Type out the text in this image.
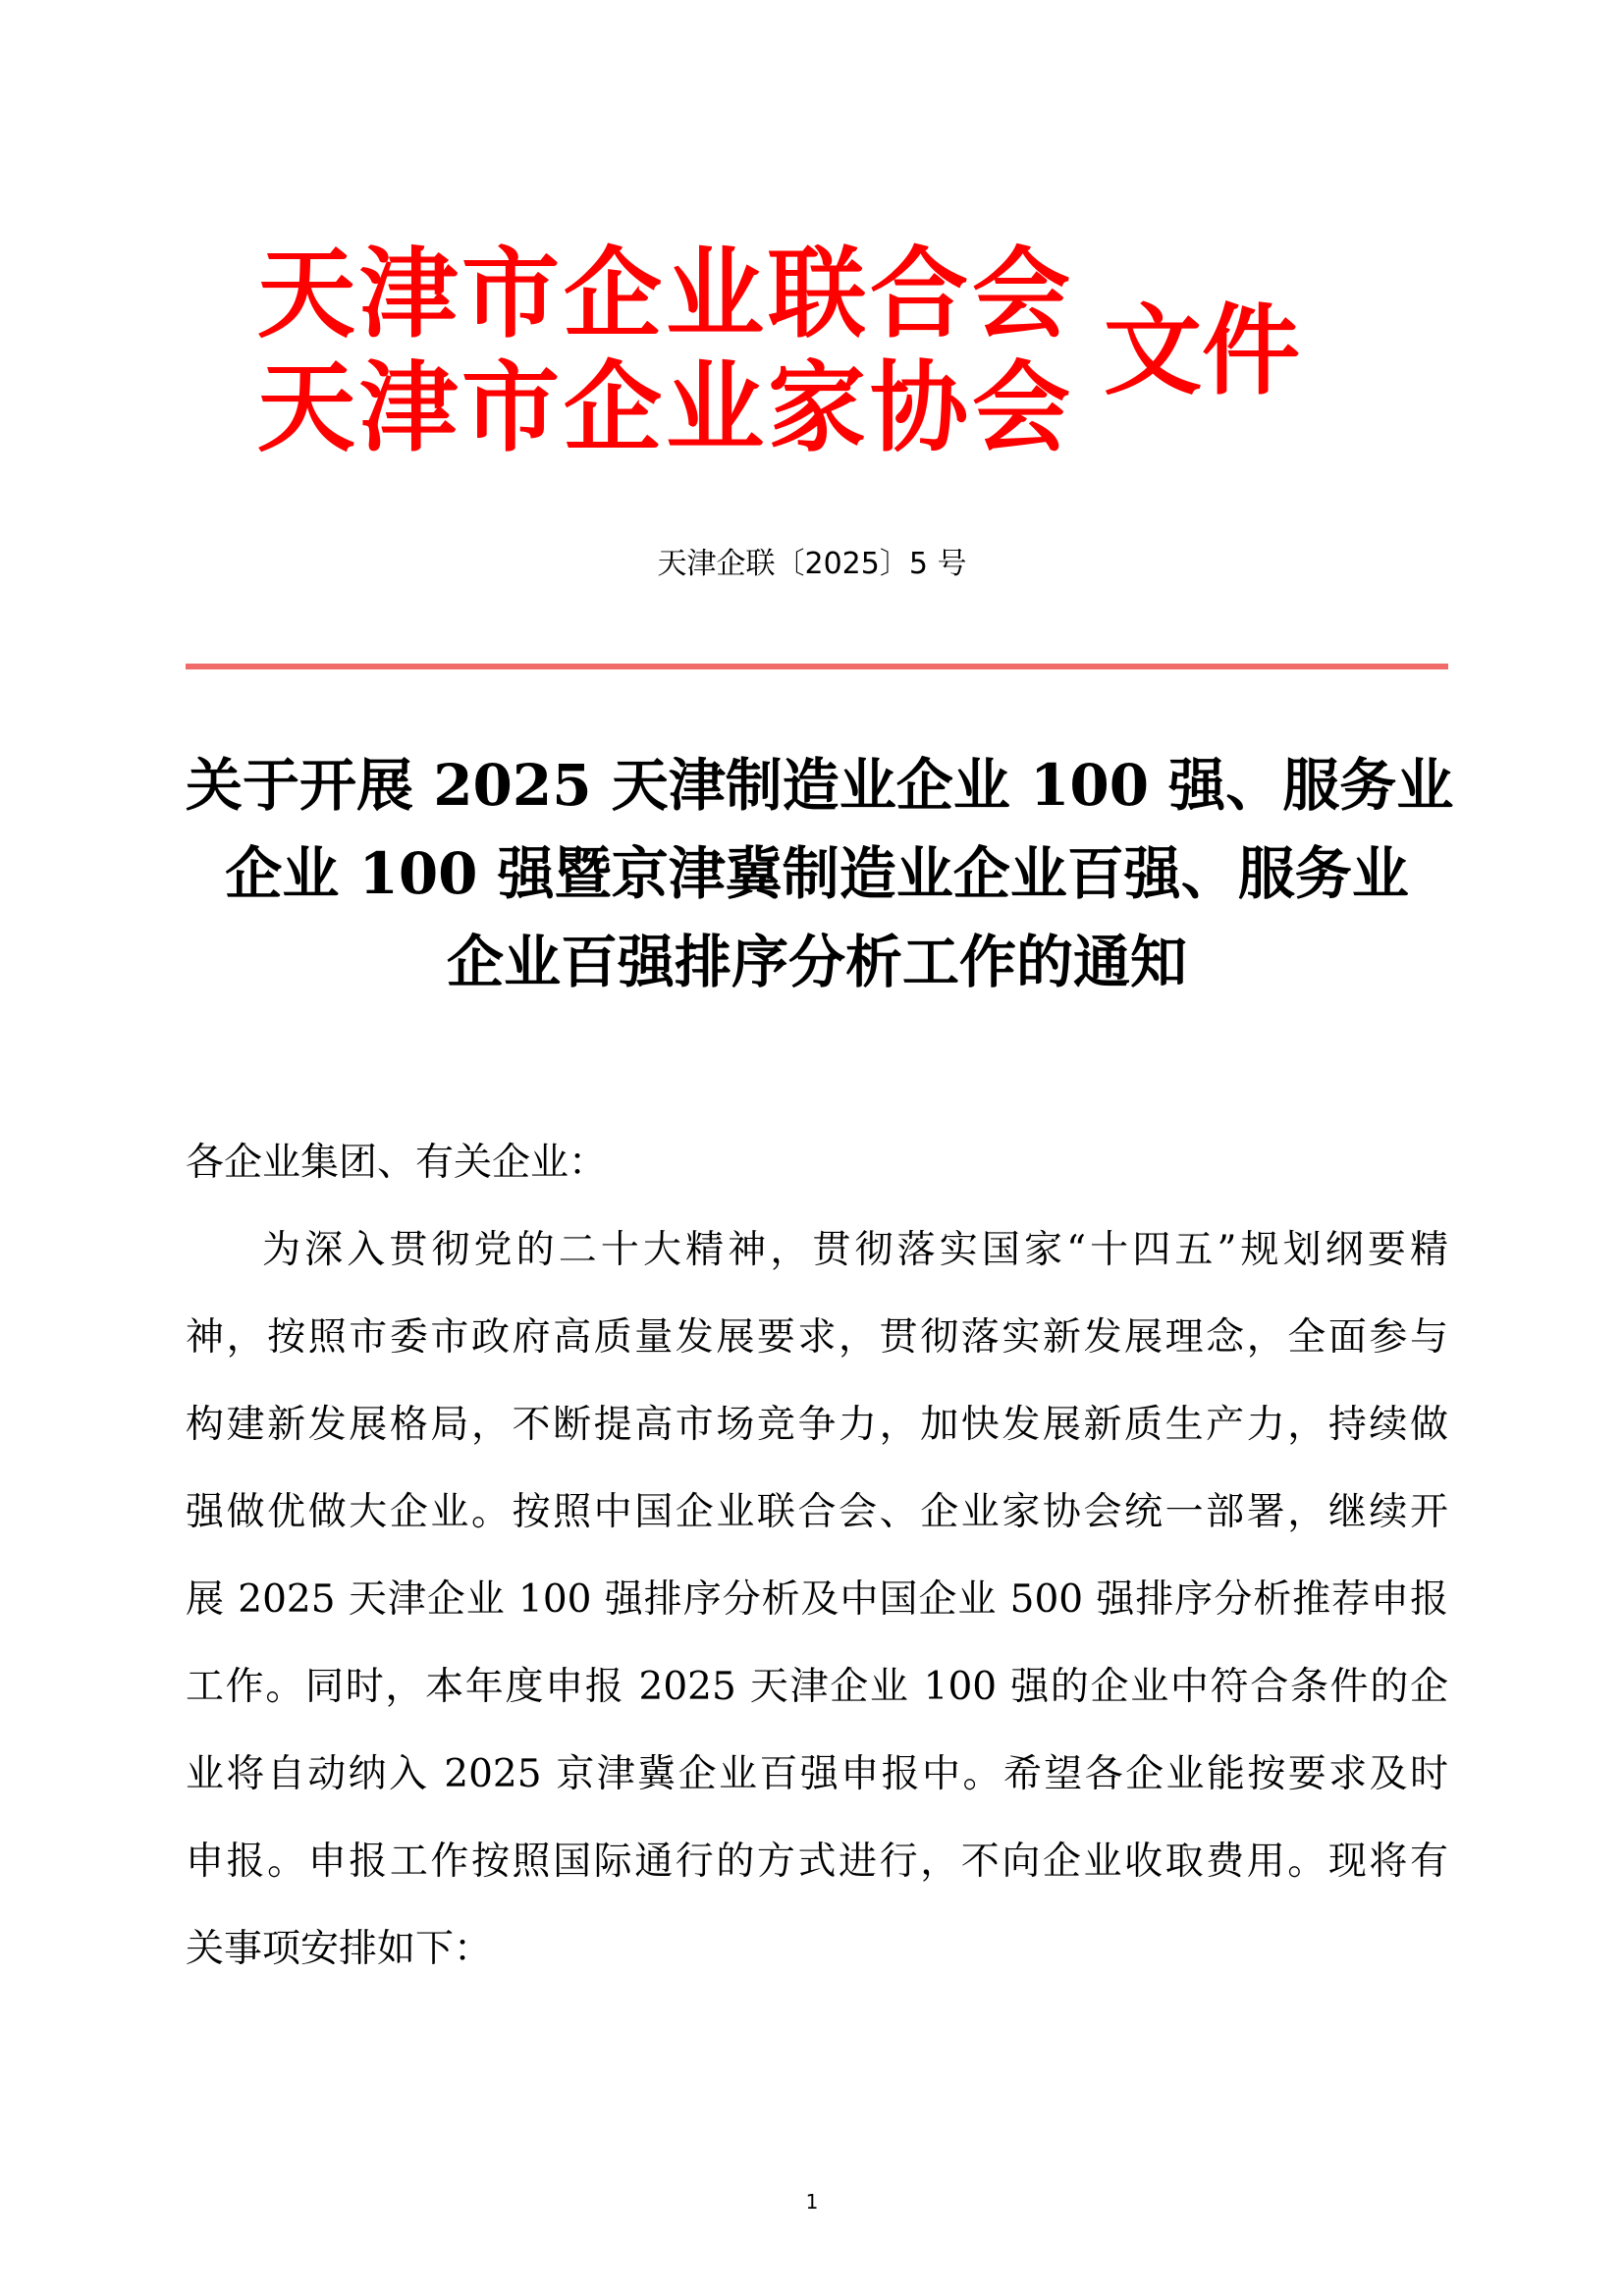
天津市企业联合会
天津市企业家协会 文件
天津企联〔2025〕5 号
关于开展 2025 天津制造业企业 100 强、服务业
企业 100 强暨京津冀制造业企业百强、服务业
企业百强排序分析工作的通知

各企业集团、有关企业：

为深入贯彻党的二十大精神，贯彻落实国家“十四五”规划纲要精
神，按照市委市政府高质量发展要求，贯彻落实新发展理念，全面参与
构建新发展格局，不断提高市场竞争力，加快发展新质生产力，持续做
强做优做大企业。按照中国企业联合会、企业家协会统一部署，继续开
展 2025 天津企业 100 强排序分析及中国企业 500 强排序分析推荐申报
工作。同时，本年度申报 2025 天津企业 100 强的企业中符合条件的企
业将自动纳入 2025 京津冀企业百强申报中。希望各企业能按要求及时
申报。申报工作按照国际通行的方式进行，不向企业收取费用。现将有
关事项安排如下：

1
